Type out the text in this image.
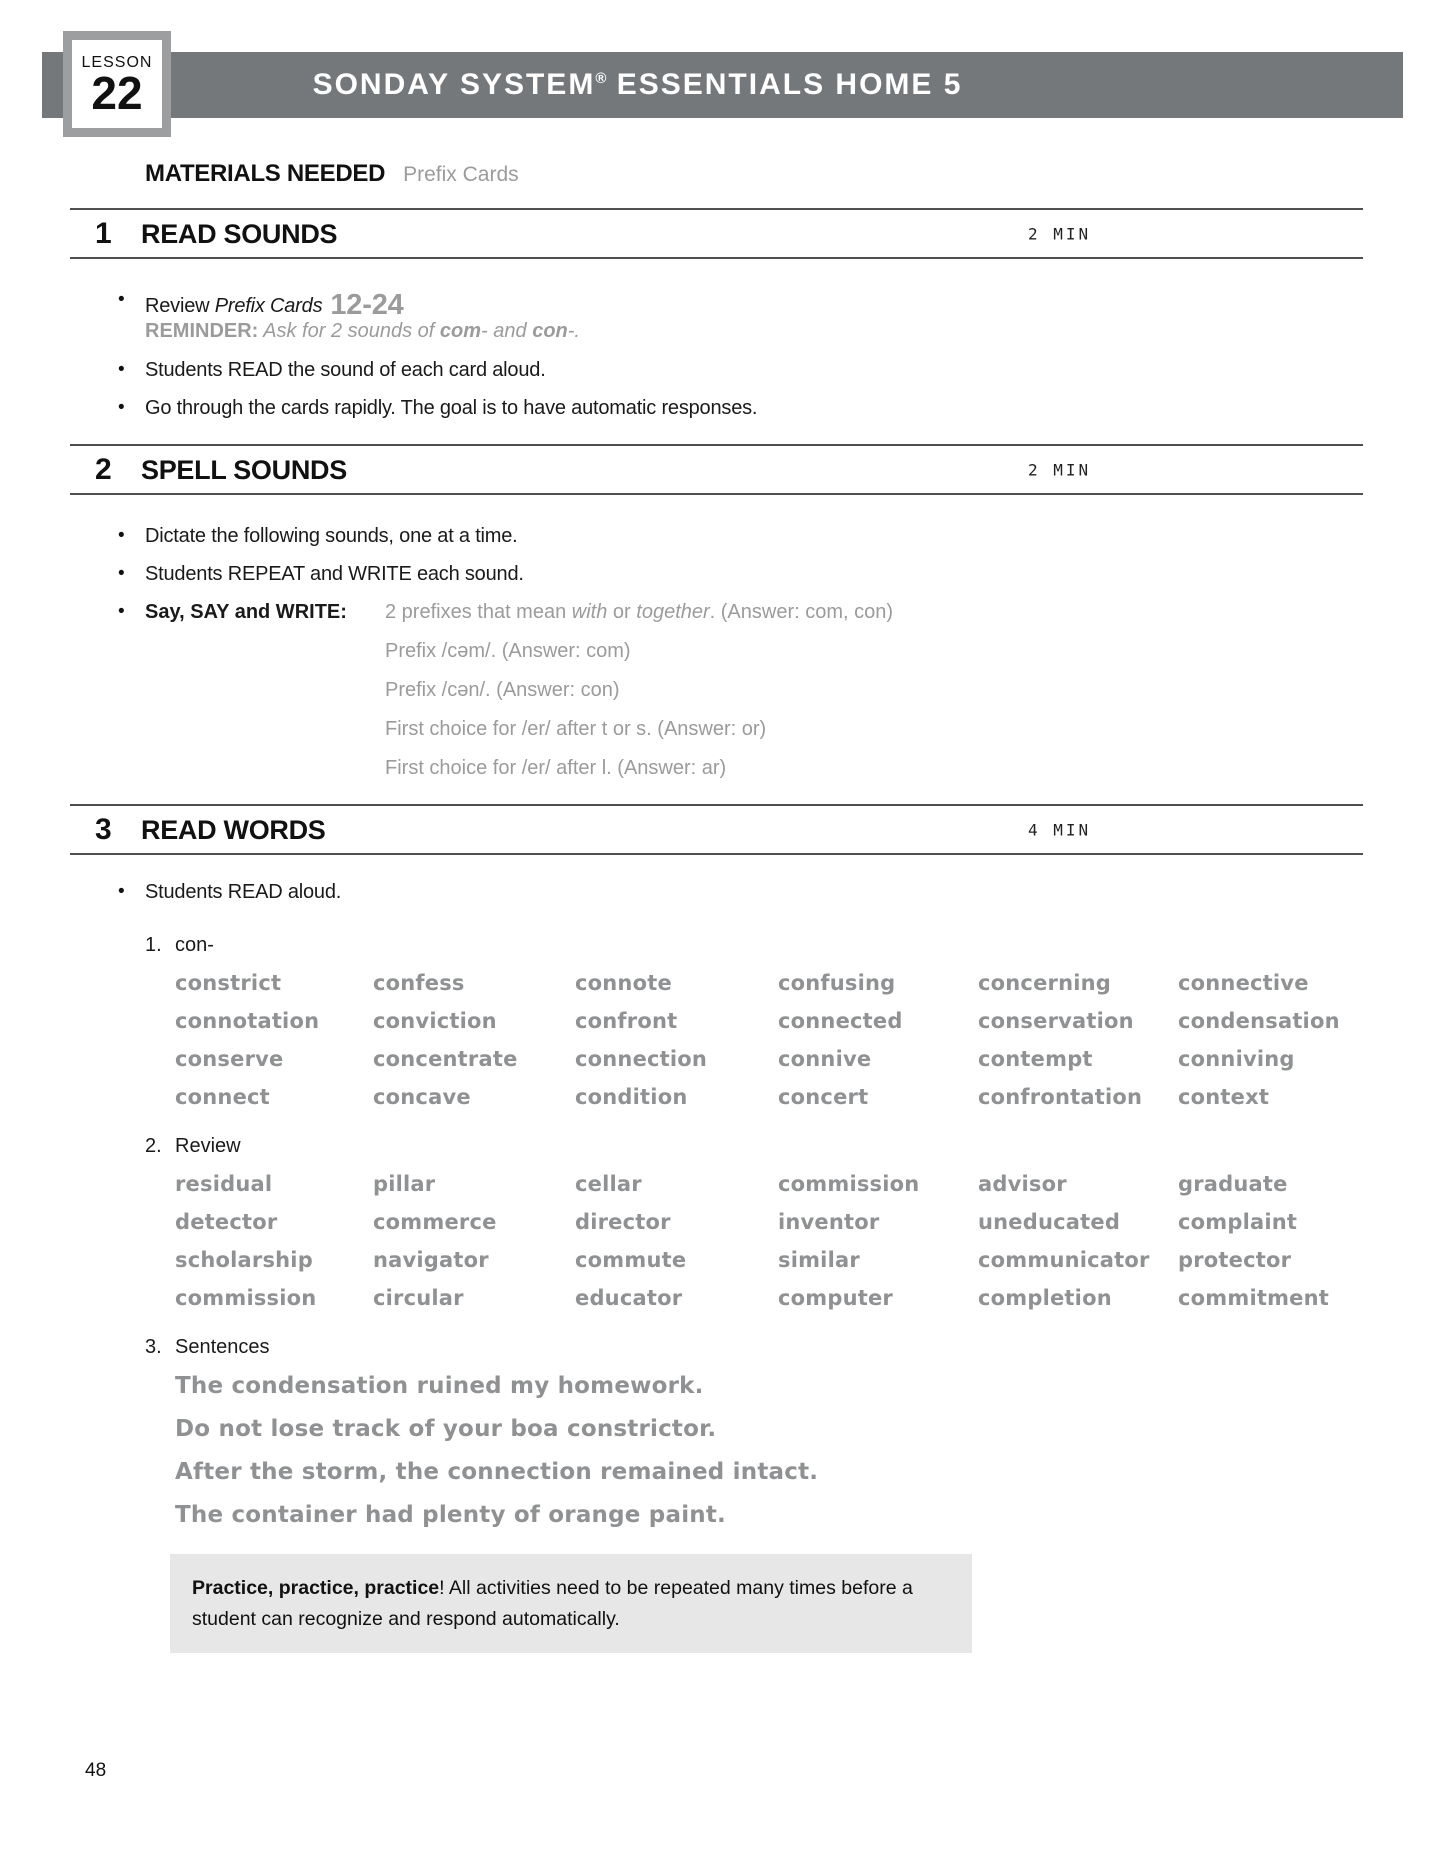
SONDAY SYSTEM® ESSENTIALS HOME 5
LESSON
22
MATERIALS NEEDED Prefix Cards
1	READ SOUNDS	2 MIN
•	Review Prefix Cards 12-24
REMINDER: Ask for 2 sounds of com- and con-.
•	Students READ the sound of each card aloud.
•	Go through the cards rapidly. The goal is to have automatic responses.
2	SPELL SOUNDS	2 MIN
•	Dictate the following sounds, one at a time.
•	Students REPEAT and WRITE each sound.
•	Say, SAY and WRITE:	2 prefixes that mean with or together. (Answer: com, con)
Prefix /cəm/. (Answer: com)
Prefix /cən/. (Answer: con)
First choice for /er/ after t or s. (Answer: or)
First choice for /er/ after l. (Answer: ar)
3	READ WORDS	4 MIN
•	Students READ aloud.
1. con-
constrict	confess	connote	confusing	concerning	connective
connotation	conviction	confront	connected	conservation	condensation
conserve	concentrate	connection	connive	contempt	conniving
connect	concave	condition	concert	confrontation	context
2. Review
residual	pillar	cellar	commission	advisor	graduate
detector	commerce	director	inventor	uneducated	complaint
scholarship	navigator	commute	similar	communicator	protector
commission	circular	educator	computer	completion	commitment
3. Sentences
The condensation ruined my homework.
Do not lose track of your boa constrictor.
After the storm, the connection remained intact.
The container had plenty of orange paint.
Practice, practice, practice! All activities need to be repeated many times before a student can recognize and respond automatically.
48
